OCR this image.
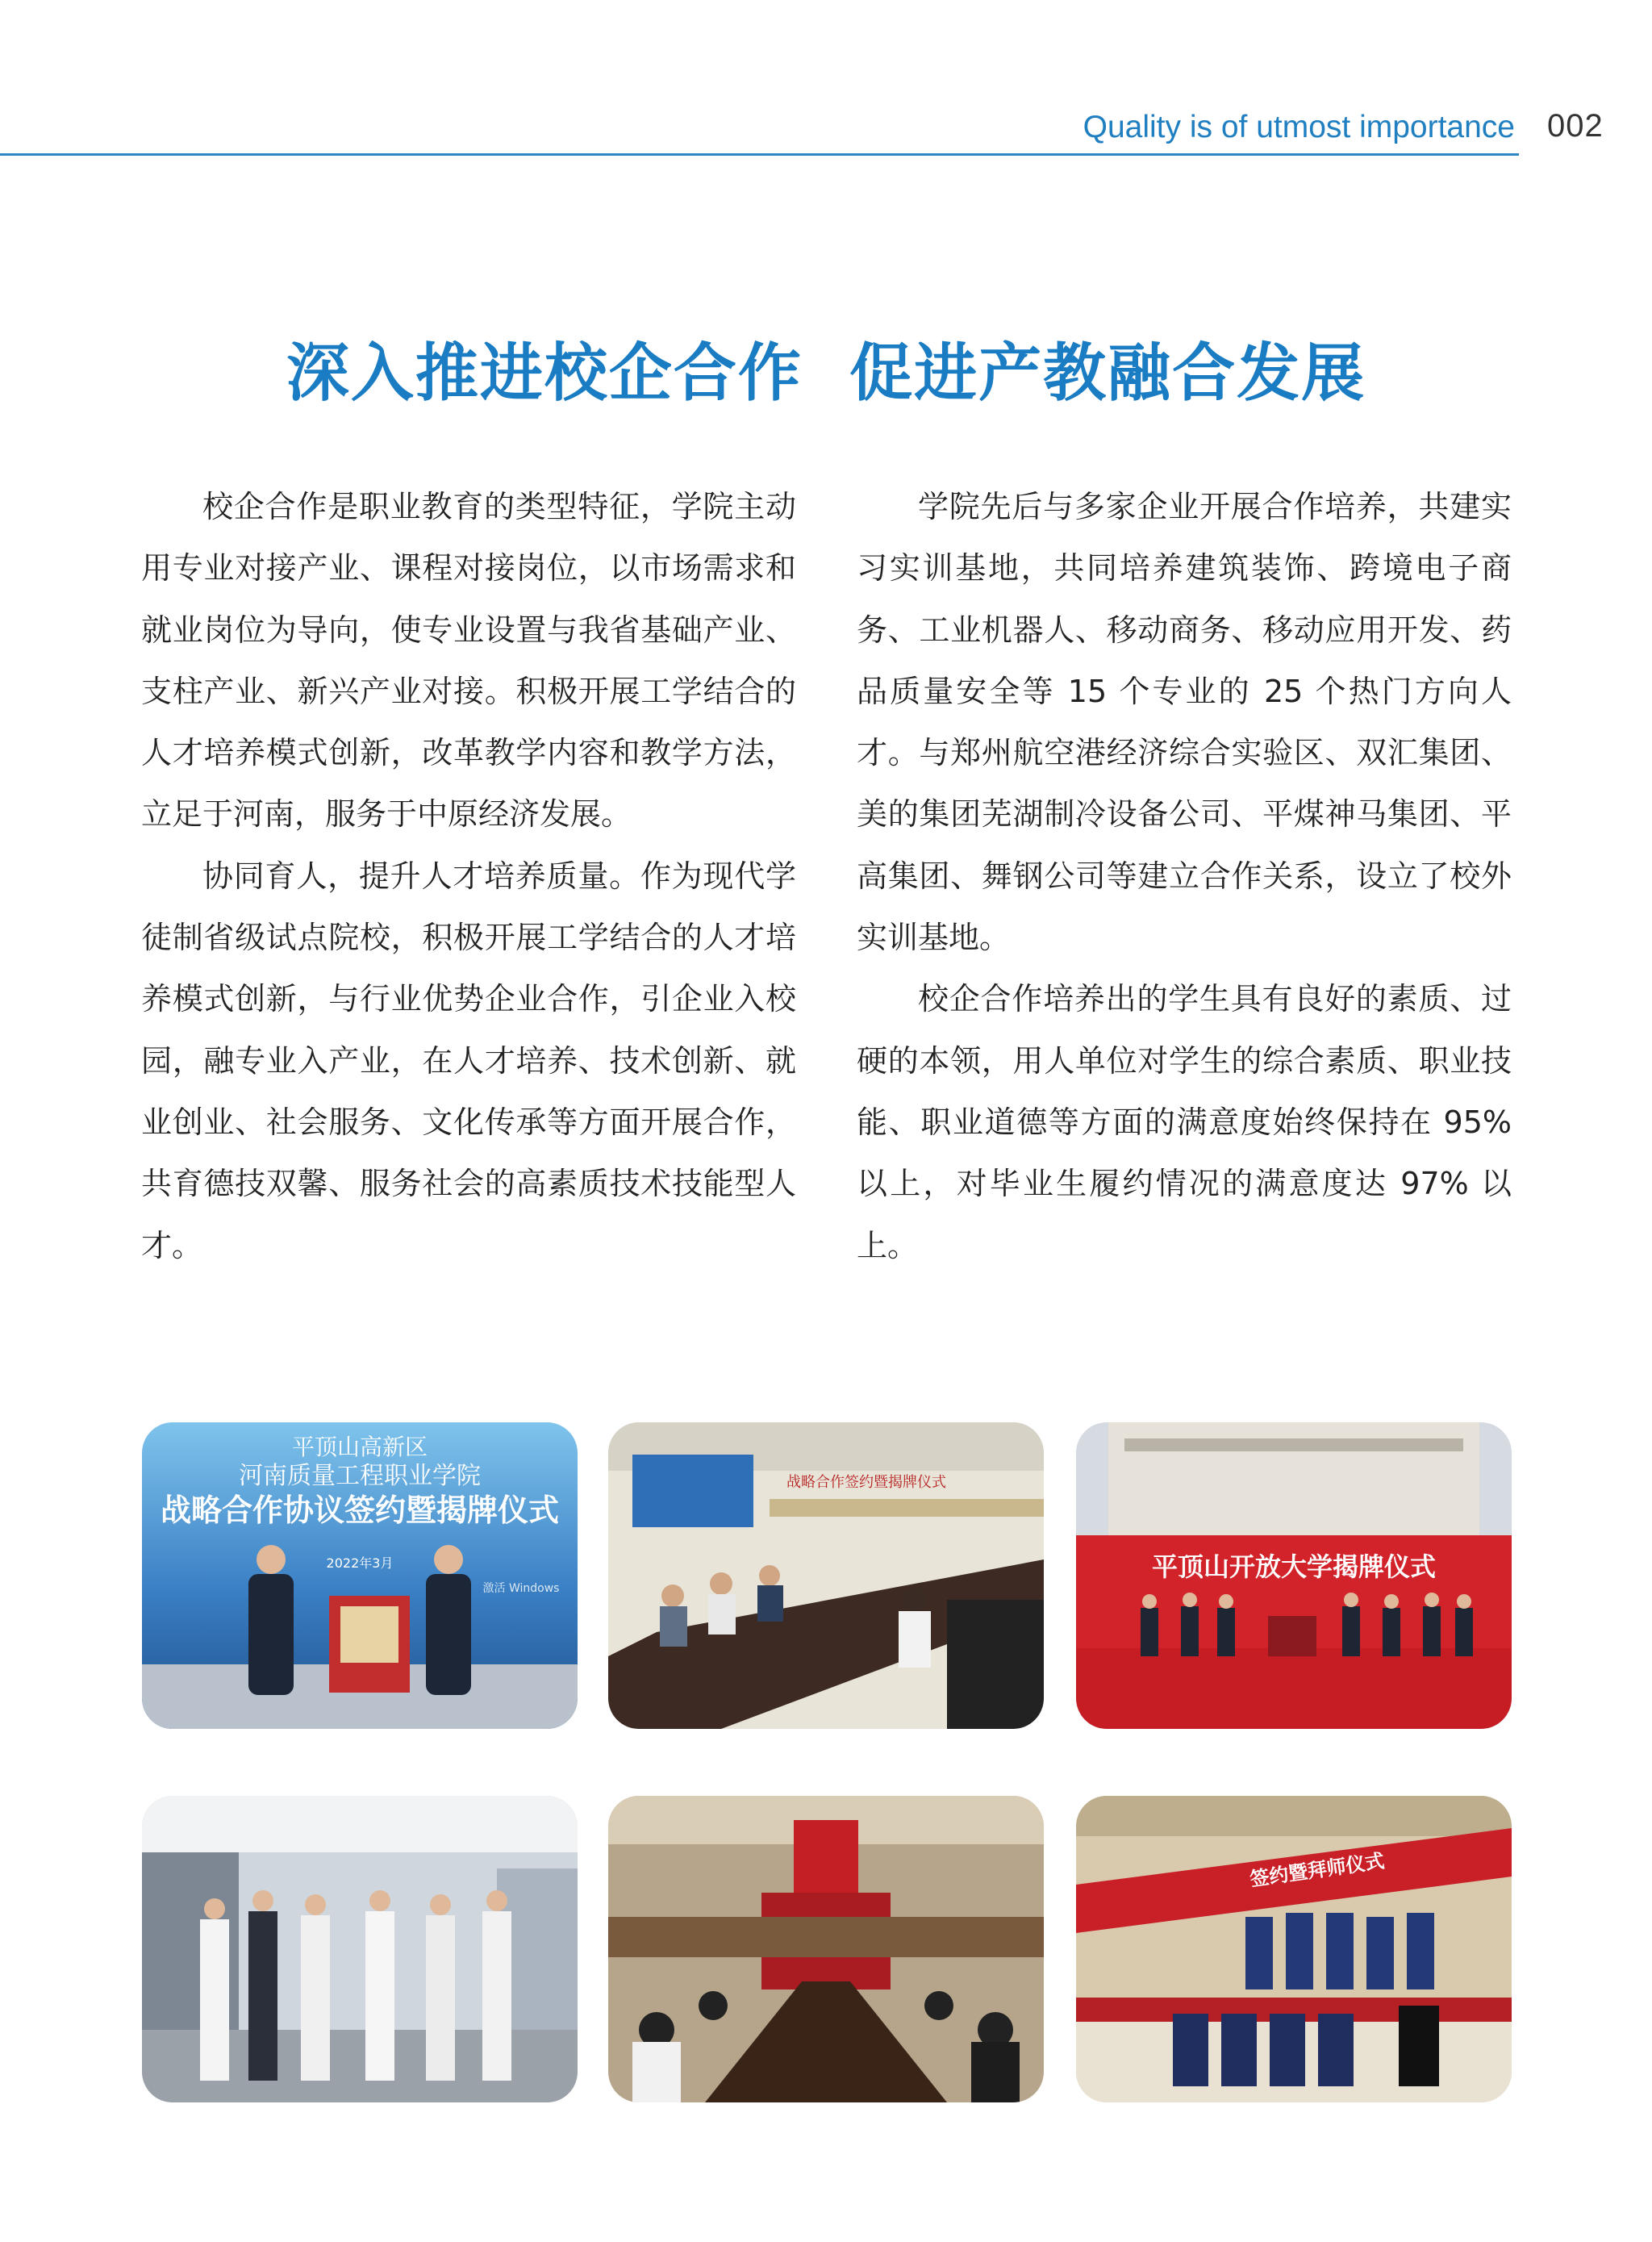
Quality is of utmost importance 002
深入推进校企合作  促进产教融合发展

校企合作是职业教育的类型特征，学院主动用专业对接产业、课程对接岗位，以市场需求和就业岗位为导向，使专业设置与我省基础产业、支柱产业、新兴产业对接。积极开展工学结合的人才培养模式创新，改革教学内容和教学方法，立足于河南，服务于中原经济发展。

协同育人，提升人才培养质量。作为现代学徒制省级试点院校，积极开展工学结合的人才培养模式创新，与行业优势企业合作，引企业入校园，融专业入产业，在人才培养、技术创新、就业创业、社会服务、文化传承等方面开展合作，共育德技双馨、服务社会的高素质技术技能型人才。

学院先后与多家企业开展合作培养，共建实习实训基地，共同培养建筑装饰、跨境电子商务、工业机器人、移动商务、移动应用开发、药品质量安全等 15 个专业的 25 个热门方向人才。与郑州航空港经济综合实验区、双汇集团、美的集团芜湖制冷设备公司、平煤神马集团、平高集团、舞钢公司等建立合作关系，设立了校外实训基地。

校企合作培养出的学生具有良好的素质、过硬的本领，用人单位对学生的综合素质、职业技能、职业道德等方面的满意度始终保持在 95% 以上，对毕业生履约情况的满意度达 97% 以上。

平顶山高新区
河南质量工程职业学院
战略合作协议签约暨揭牌仪式
2022年3月
激活 Windows
战略合作签约暨揭牌仪式
平顶山开放大学揭牌仪式
签约暨拜师仪式
